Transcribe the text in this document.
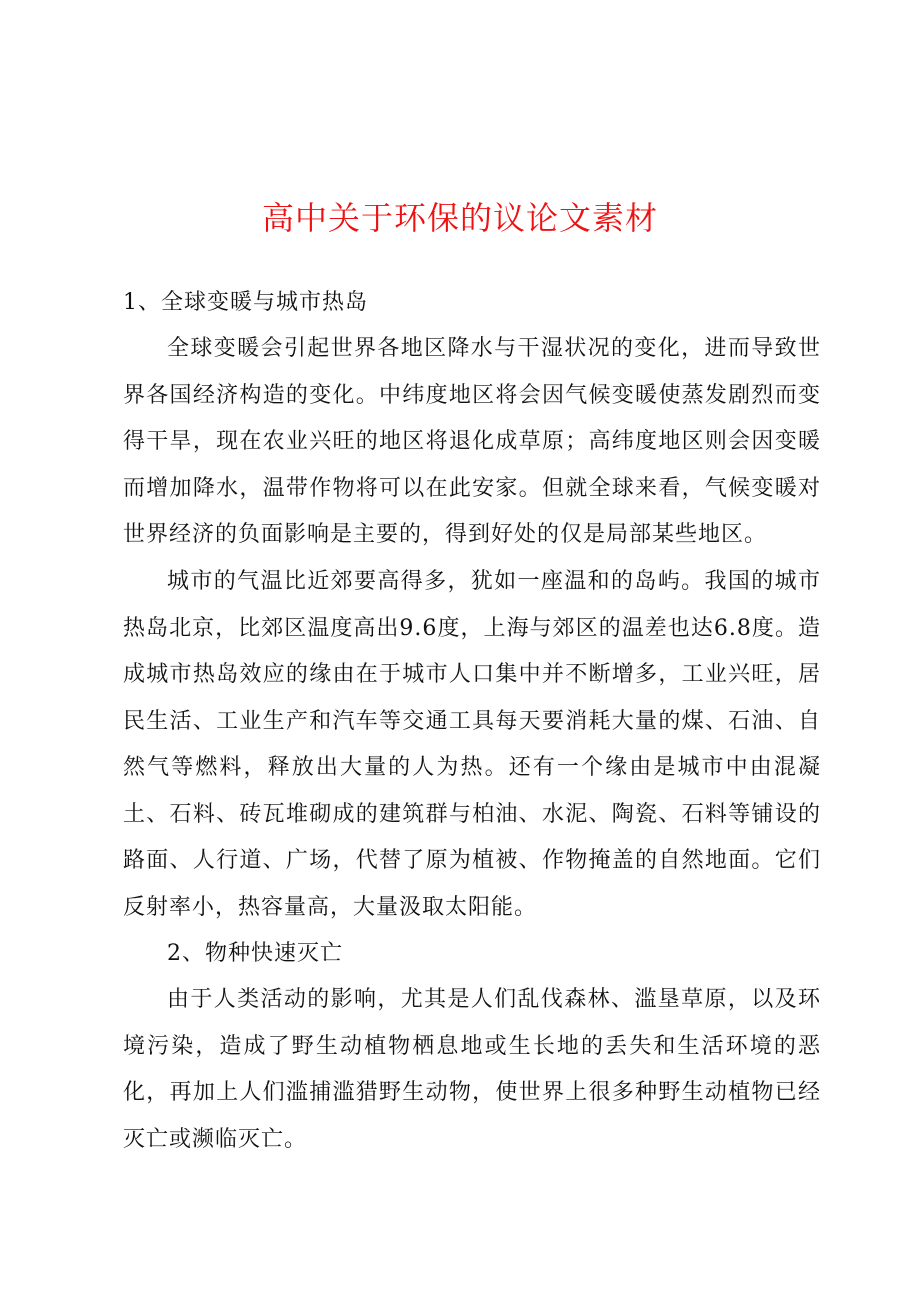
高中关于环保的议论文素材

1、全球变暖与城市热岛

全球变暖会引起世界各地区降水与干湿状况的变化，进而导致世界各国经济构造的变化。中纬度地区将会因气候变暖使蒸发剧烈而变得干旱，现在农业兴旺的地区将退化成草原；高纬度地区则会因变暖而增加降水，温带作物将可以在此安家。但就全球来看，气候变暖对世界经济的负面影响是主要的，得到好处的仅是局部某些地区。

城市的气温比近郊要高得多，犹如一座温和的岛屿。我国的城市热岛北京，比郊区温度高出9.6度，上海与郊区的温差也达6.8度。造成城市热岛效应的缘由在于城市人口集中并不断增多，工业兴旺，居民生活、工业生产和汽车等交通工具每天要消耗大量的煤、石油、自然气等燃料，释放出大量的人为热。还有一个缘由是城市中由混凝土、石料、砖瓦堆砌成的建筑群与柏油、水泥、陶瓷、石料等铺设的路面、人行道、广场，代替了原为植被、作物掩盖的自然地面。它们反射率小，热容量高，大量汲取太阳能。

2、物种快速灭亡

由于人类活动的影响，尤其是人们乱伐森林、滥垦草原，以及环境污染，造成了野生动植物栖息地或生长地的丢失和生活环境的恶化，再加上人们滥捕滥猎野生动物，使世界上很多种野生动植物已经灭亡或濒临灭亡。
